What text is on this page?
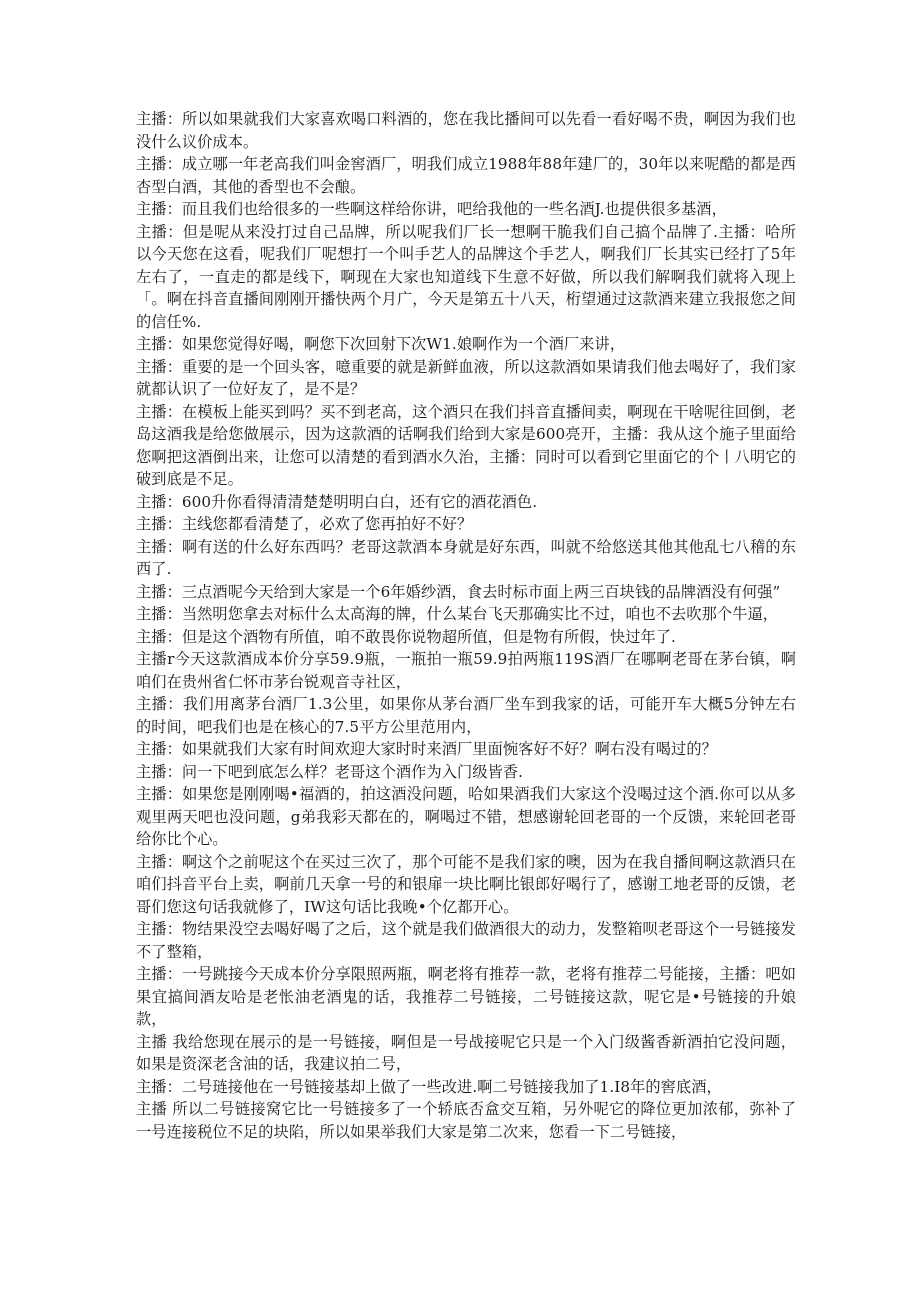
主播：所以如果就我们大家喜欢喝口料酒的，您在我比播间可以先看一看好喝不贵，啊因为我们也没什么议价成本。

主播：成立哪一年老高我们叫金窖酒厂，明我们成立1988年88年建厂的，30年以来呢酷的都是西杏型白酒，其他的香型也不会酿。

主播：而且我们也给很多的一些啊这样给你讲，吧给我他的一些名酒J.也提供很多基酒，

主播：但是呢从来没打过自己品牌，所以呢我们厂长一想啊干脆我们自己搞个品牌了.主播：哈所以今天您在这看，呢我们厂呢想打一个叫手艺人的品牌这个手艺人，啊我们厂长其实已经打了5年左右了，一直走的都是线下，啊现在大家也知道线下生意不好做，所以我们解啊我们就将入现上「。啊在抖音直播间刚刚开播快两个月广，今天是第五十八天，桁望通过这款酒来建立我报您之间的信任%.

主播：如果您觉得好喝，啊您下次回射下次W1.娘啊作为一个酒厂来讲，

主播：重要的是一个回头客，噫重要的就是新鲜血液，所以这款酒如果请我们他去喝好了，我们家就都认识了一位好友了，是不是？

主播：在模板上能买到吗？买不到老高，这个酒只在我们抖音直播间卖，啊现在干啥呢往回倒，老岛这酒我是给您做展示，因为这款酒的话啊我们给到大家是600亮开，主播：我从这个施子里面给您啊把这酒倒出来，让您可以清楚的看到酒水久治，主播：同时可以看到它里面它的个丨八明它的破到底是不足。

主播：600升你看得清清楚楚明明白白，还有它的酒花酒色.

主播：主线您都看清楚了，必欢了您再拍好不好？

主播：啊有送的什么好东西吗？老哥这款酒本身就是好东西，叫就不给悠送其他其他乱七八稽的东西了.

主播：三点酒呢今天给到大家是一个6年婚纱酒，食去时标市面上两三百块钱的品牌酒没有何强”

主播：当然明您拿去对标什么太高海的牌，什么某台飞天那确实比不过，咱也不去吹那个牛逼，

主播：但是这个酒物有所值，咱不敢畏你说物超所值，但是物有所假，快过年了.

主播r今天这款酒成本价分享59.9瓶，一瓶拍一瓶59.9拍两瓶119S酒厂在哪啊老哥在茅台镇，啊咱们在贵州省仁怀市茅台锐观音寺社区，

主播：我们用离茅台酒厂1.3公里，如果你从茅台酒厂坐车到我家的话，可能开车大概5分钟左右的时间，吧我们也是在核心的7.5平方公里范用内，

主播：如果就我们大家有时间欢迎大家时时来酒厂里面惋客好不好？啊右没有喝过的？

主播：问一下吧到底怎么样？老哥这个酒作为入门级皆香.

主播：如果您是刚刚喝•福酒的，拍这酒没问题，哈如果酒我们大家这个没喝过这个酒.你可以从多观里两天吧也没问题，g弟我彩天都在的，啊喝过不错，想感谢轮回老哥的一个反馈，来轮回老哥给你比个心。

主播：啊这个之前呢这个在买过三次了，那个可能不是我们家的噢，因为在我自播间啊这款酒只在咱们抖音平台上卖，啊前几天拿一号的和银扉一块比啊比银郎好喝行了，感谢工地老哥的反馈，老哥们您这句话我就修了，IW这句话比我晚•个亿都开心。

主播：物结果没空去喝好喝了之后，这个就是我们做酒很大的动力，发整箱呗老哥这个一号链接发不了整箱，

主播：一号跳接今天成本价分享限照两瓶，啊老将有推荐一款，老将有推荐二号能接，主播：吧如果宜搞间酒友哈是老怅油老酒鬼的话，我推荐二号链接，二号链接这款，呢它是•号链接的升娘款，

主播 我给您现在展示的是一号链接，啊但是一号战接呢它只是一个入门级酱香新酒拍它没问题，如果是资深老含油的话，我建议拍二号，

主播：二号琏接他在一号链接基却上做了一些改进.啊二号链接我加了1.I8年的窖底酒，

主播 所以二号链接窝它比一号链接多了一个轿底否盒交互箱，另外呢它的降位更加浓郁，弥补了一号连接税位不足的块陷，所以如果举我们大家是第二次来，您看一下二号链接，
